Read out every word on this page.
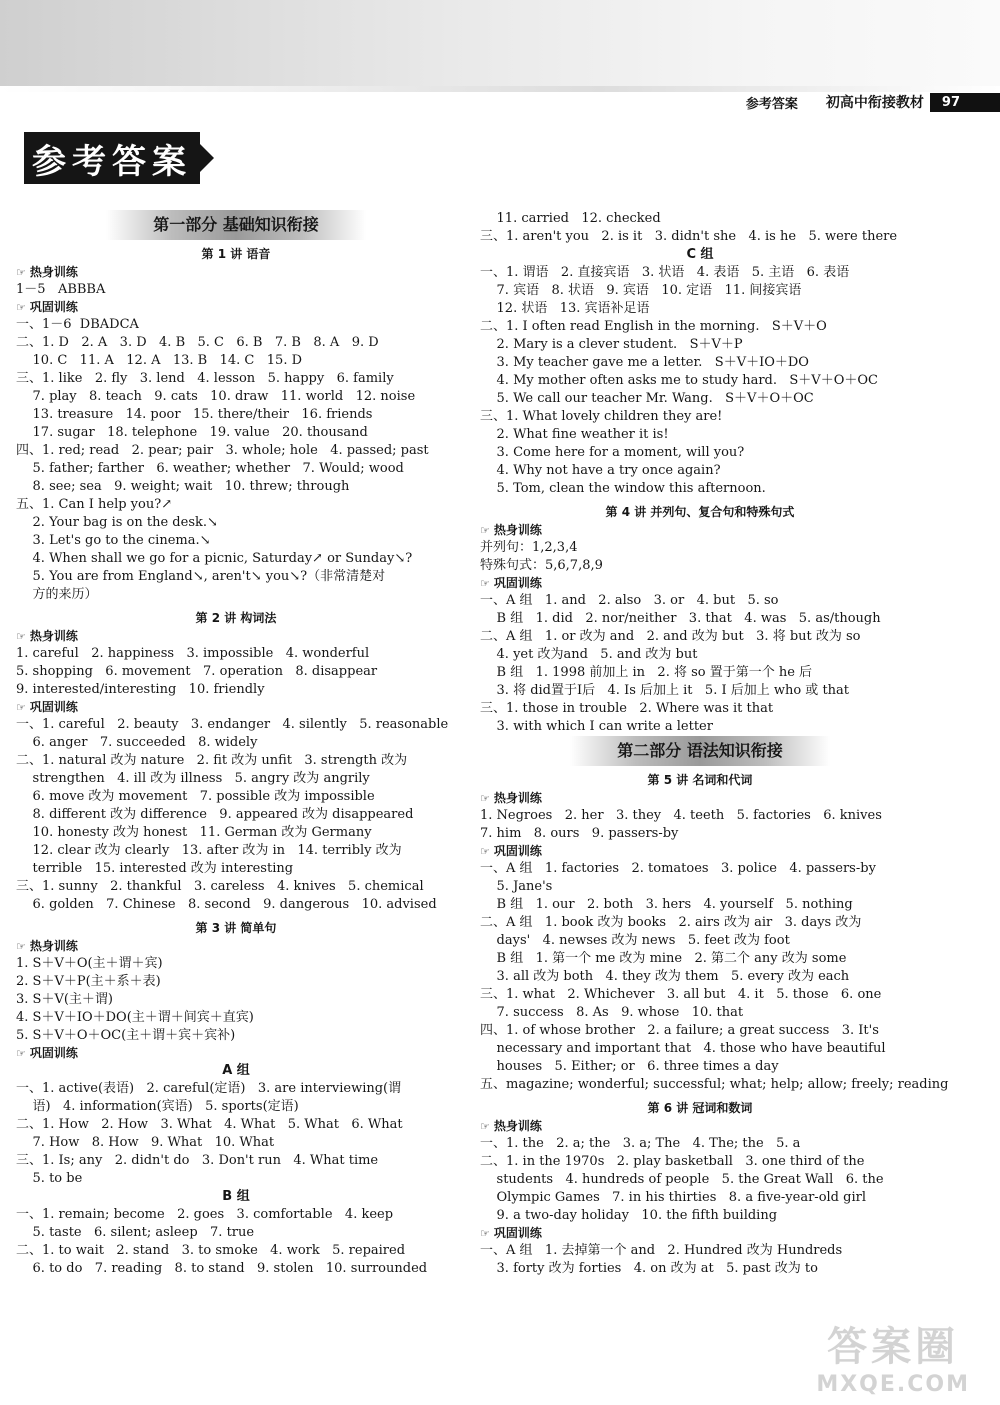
参考答案 初高中衔接教材	97
参考答案
第一部分 基础知识衔接
第 1 讲 语音
☞ 热身训练
1－5   ABBBA
☞ 巩固训练
一、1－6  DBADCA
二、1. D   2. A   3. D   4. B   5. C   6. B   7. B   8. A   9. D
10. C   11. A   12. A   13. B   14. C   15. D
三、1. like   2. fly   3. lend   4. lesson   5. happy   6. family
7. play   8. teach   9. cats   10. draw   11. world   12. noise
13. treasure   14. poor   15. there/their   16. friends
17. sugar   18. telephone   19. value   20. thousand
四、1. red; read   2. pear; pair   3. whole; hole   4. passed; past
5. father; farther   6. weather; whether   7. Would; wood
8. see; sea   9. weight; wait   10. threw; through
五、1. Can I help you?↗
2. Your bag is on the desk.↘
3. Let's go to the cinema.↘
4. When shall we go for a picnic, Saturday↗ or Sunday↘?
5. You are from England↘, aren't↘ you↘?（非常清楚对
方的来历）
第 2 讲 构词法
☞ 热身训练
1. careful   2. happiness   3. impossible   4. wonderful
5. shopping   6. movement   7. operation   8. disappear
9. interested/interesting   10. friendly
☞ 巩固训练
一、1. careful   2. beauty   3. endanger   4. silently   5. reasonable
6. anger   7. succeeded   8. widely
二、1. natural 改为 nature   2. fit 改为 unfit   3. strength 改为
strengthen   4. ill 改为 illness   5. angry 改为 angrily
6. move 改为 movement   7. possible 改为 impossible
8. different 改为 difference   9. appeared 改为 disappeared
10. honesty 改为 honest   11. German 改为 Germany
12. clear 改为 clearly   13. after 改为 in   14. terribly 改为
terrible   15. interested 改为 interesting
三、1. sunny   2. thankful   3. careless   4. knives   5. chemical
6. golden   7. Chinese   8. second   9. dangerous   10. advised
第 3 讲 简单句
☞ 热身训练
1. S＋V＋O(主＋谓＋宾)
2. S＋V＋P(主＋系＋表)
3. S＋V(主＋谓)
4. S＋V＋IO＋DO(主＋谓＋间宾＋直宾)
5. S＋V＋O＋OC(主＋谓＋宾＋宾补)
☞ 巩固训练
A 组
一、1. active(表语)   2. careful(定语)   3. are interviewing(谓
语)   4. information(宾语)   5. sports(定语)
二、1. How   2. How   3. What   4. What   5. What   6. What
7. How   8. How   9. What   10. What
三、1. Is; any   2. didn't do   3. Don't run   4. What time
5. to be
B 组
一、1. remain; become   2. goes   3. comfortable   4. keep
5. taste   6. silent; asleep   7. true
二、1. to wait   2. stand   3. to smoke   4. work   5. repaired
6. to do   7. reading   8. to stand   9. stolen   10. surrounded
11. carried   12. checked
三、1. aren't you   2. is it   3. didn't she   4. is he   5. were there
C 组
一、1. 谓语   2. 直接宾语   3. 状语   4. 表语   5. 主语   6. 表语
7. 宾语   8. 状语   9. 宾语   10. 定语   11. 间接宾语
12. 状语   13. 宾语补足语
二、1. I often read English in the morning.   S＋V＋O
2. Mary is a clever student.   S＋V＋P
3. My teacher gave me a letter.   S＋V＋IO＋DO
4. My mother often asks me to study hard.   S＋V＋O＋OC
5. We call our teacher Mr. Wang.   S＋V＋O＋OC
三、1. What lovely children they are!
2. What fine weather it is!
3. Come here for a moment, will you?
4. Why not have a try once again?
5. Tom, clean the window this afternoon.
第 4 讲 并列句、复合句和特殊句式
☞ 热身训练
并列句：1,2,3,4
特殊句式：5,6,7,8,9
☞ 巩固训练
一、A 组   1. and   2. also   3. or   4. but   5. so
B 组   1. did   2. nor/neither   3. that   4. was   5. as/though
二、A 组   1. or 改为 and   2. and 改为 but   3. 将 but 改为 so
4. yet 改为and   5. and 改为 but
B 组   1. 1998 前加上 in   2. 将 so 置于第一个 he 后
3. 将 did置于I后   4. Is 后加上 it   5. I 后加上 who 或 that
三、1. those in trouble   2. Where was it that
3. with which I can write a letter
第二部分 语法知识衔接
第 5 讲 名词和代词
☞ 热身训练
1. Negroes   2. her   3. they   4. teeth   5. factories   6. knives
7. him   8. ours   9. passers-by
☞ 巩固训练
一、A 组   1. factories   2. tomatoes   3. police   4. passers-by
5. Jane's
B 组   1. our   2. both   3. hers   4. yourself   5. nothing
二、A 组   1. book 改为 books   2. airs 改为 air   3. days 改为
days'   4. newses 改为 news   5. feet 改为 foot
B 组   1. 第一个 me 改为 mine   2. 第二个 any 改为 some
3. all 改为 both   4. they 改为 them   5. every 改为 each
三、1. what   2. Whichever   3. all but   4. it   5. those   6. one
7. success   8. As   9. whose   10. that
四、1. of whose brother   2. a failure; a great success   3. It's
necessary and important that   4. those who have beautiful
houses   5. Either; or   6. three times a day
五、magazine; wonderful; successful; what; help; allow; freely; reading
第 6 讲 冠词和数词
☞ 热身训练
一、1. the   2. a; the   3. a; The   4. The; the   5. a
二、1. in the 1970s   2. play basketball   3. one third of the
students   4. hundreds of people   5. the Great Wall   6. the
Olympic Games   7. in his thirties   8. a five-year-old girl
9. a two-day holiday   10. the fifth building
☞ 巩固训练
一、A 组   1. 去掉第一个 and   2. Hundred 改为 Hundreds
3. forty 改为 forties   4. on 改为 at   5. past 改为 to
答案圈
MXQE.COM
